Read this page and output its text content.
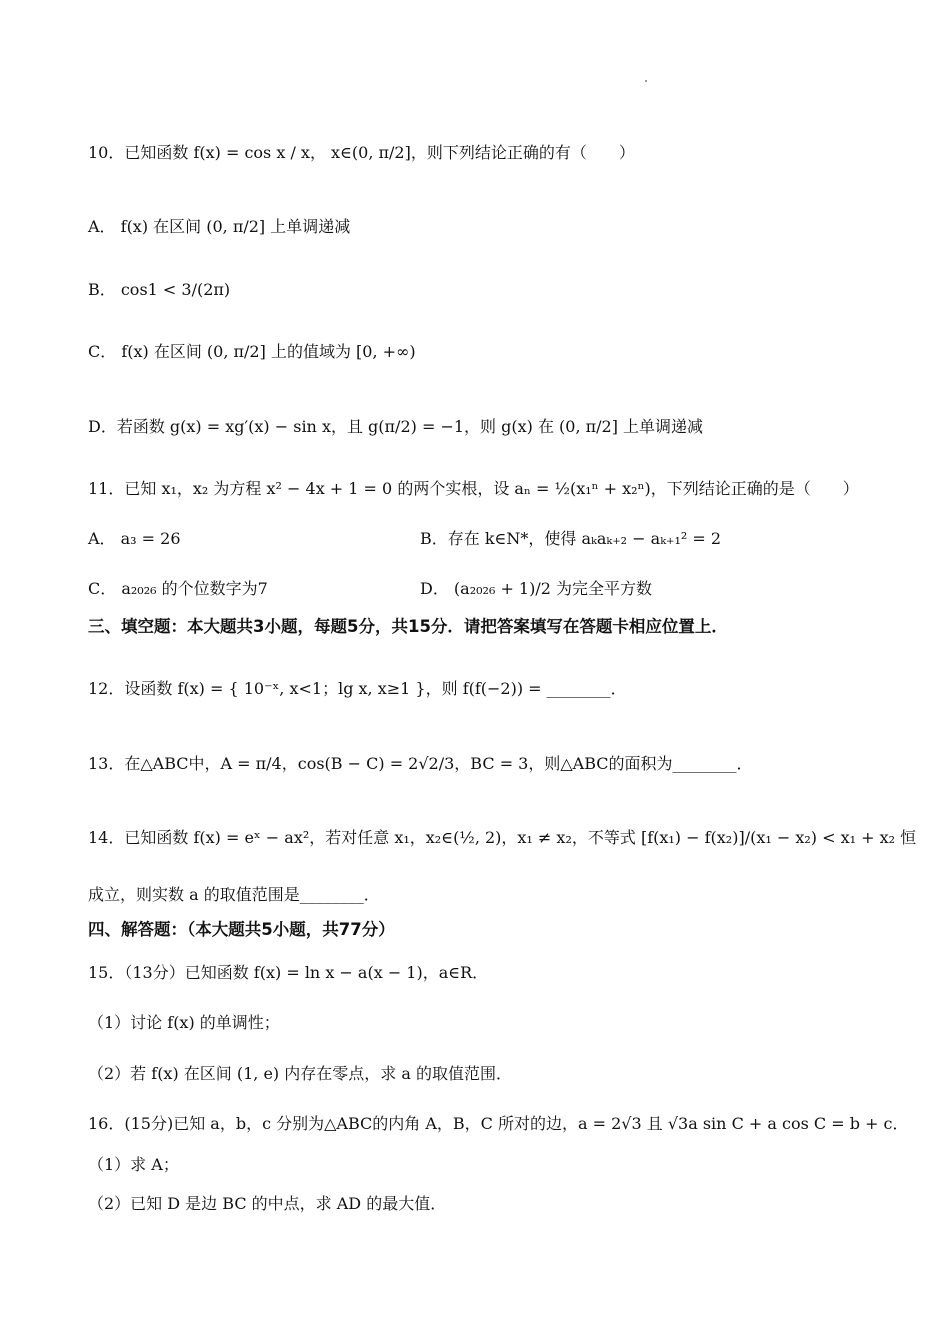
10．已知函数 f(x) = cos x / x， x∈(0, π/2]，则下列结论正确的有（　　）
A． f(x) 在区间 (0, π/2] 上单调递减
B． cos1 < 3/(2π)
C． f(x) 在区间 (0, π/2] 上的值域为 [0, +∞)
D．若函数 g(x) = xg′(x) − sin x，且 g(π/2) = −1，则 g(x) 在 (0, π/2] 上单调递减
11．已知 x₁，x₂ 为方程 x² − 4x + 1 = 0 的两个实根，设 aₙ = ½(x₁ⁿ + x₂ⁿ)，下列结论正确的是（　　）
A． a₃ = 26	B．存在 k∈N*，使得 aₖaₖ₊₂ − aₖ₊₁² = 2
C． a₂₀₂₆ 的个位数字为7	D． (a₂₀₂₆ + 1)/2 为完全平方数
三、填空题：本大题共3小题，每题5分，共15分．请把答案填写在答题卡相应位置上．
12．设函数 f(x) = { 10⁻ˣ, x<1；lg x, x≥1 }，则 f(f(−2)) = ________．
13．在△ABC中，A = π/4，cos(B − C) = 2√2/3，BC = 3，则△ABC的面积为________．
14．已知函数 f(x) = eˣ − ax²，若对任意 x₁，x₂∈(½, 2)，x₁ ≠ x₂，不等式 [f(x₁) − f(x₂)]/(x₁ − x₂) < x₁ + x₂ 恒
成立，则实数 a 的取值范围是________．
四、解答题：（本大题共5小题，共77分）
15．（13分）已知函数 f(x) = ln x − a(x − 1)，a∈R．
（1）讨论 f(x) 的单调性；
（2）若 f(x) 在区间 (1, e) 内存在零点，求 a 的取值范围．
16．(15分)已知 a，b，c 分别为△ABC的内角 A，B，C 所对的边，a = 2√3 且 √3a sin C + a cos C = b + c．
（1）求 A；
（2）已知 D 是边 BC 的中点，求 AD 的最大值．
